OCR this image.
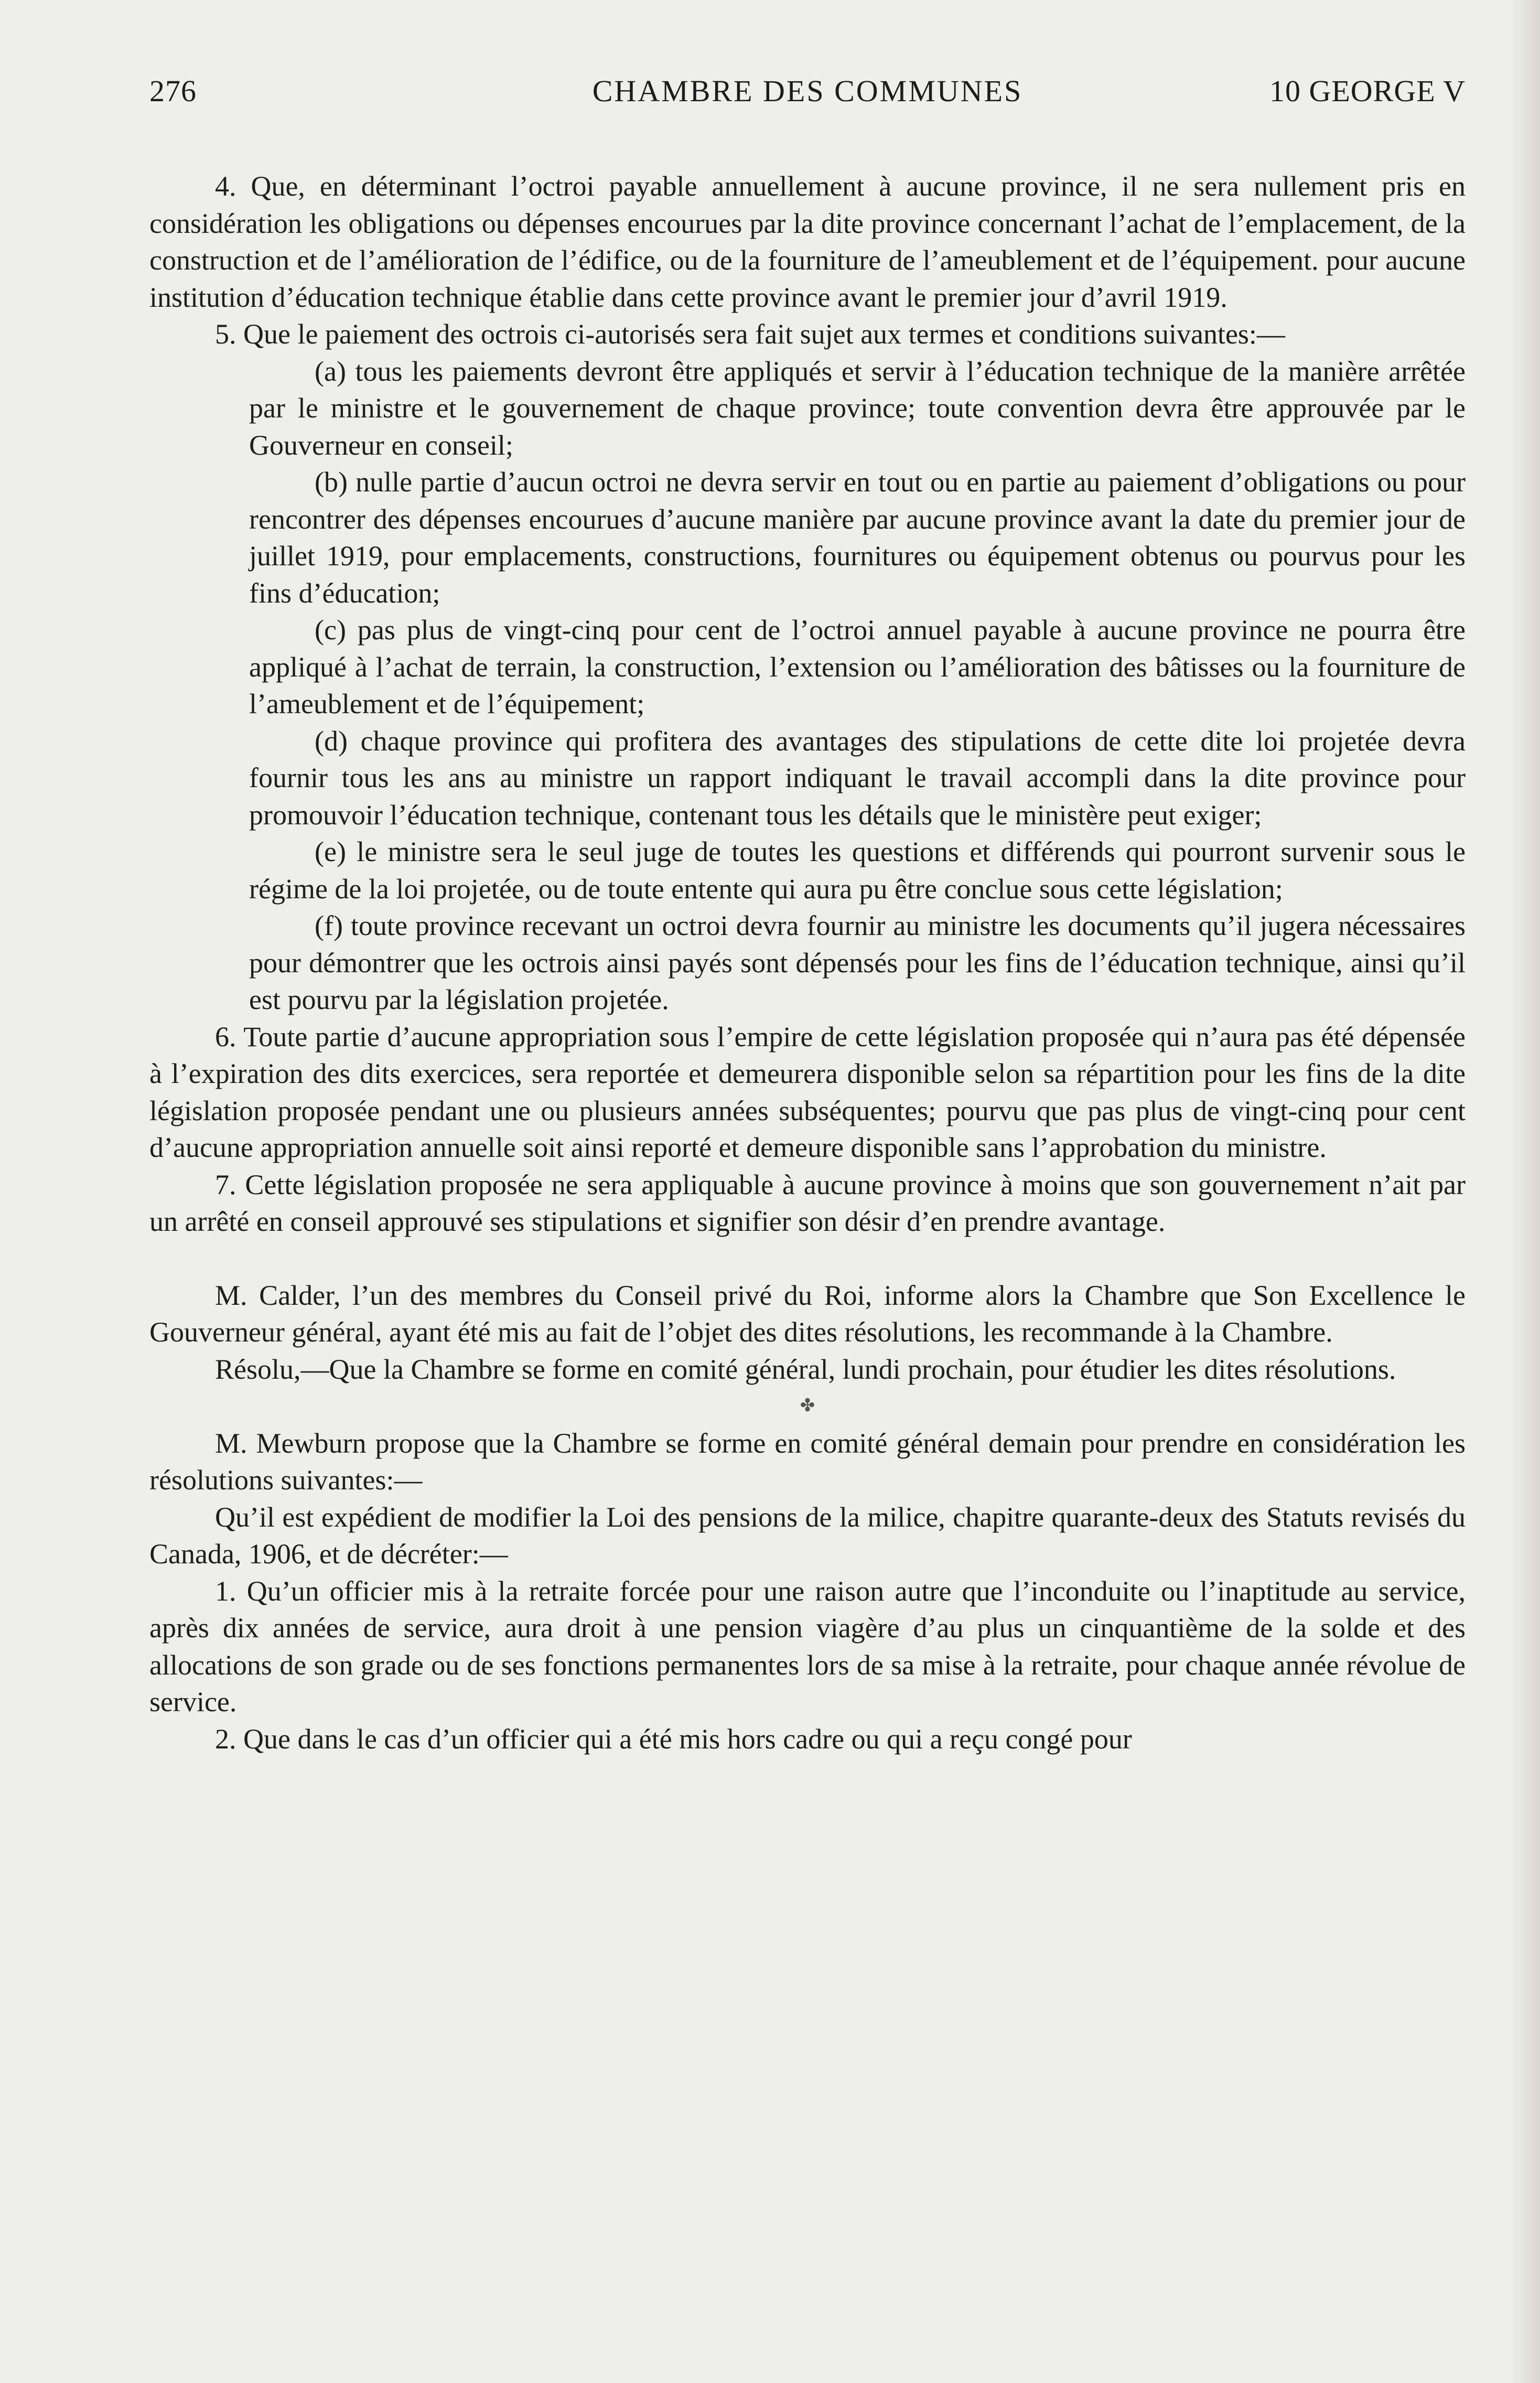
276	CHAMBRE DES COMMUNES	10 GEORGE V

4. Que, en déterminant l’octroi payable annuellement à aucune province, il ne sera nullement pris en considération les obligations ou dépenses encourues par la dite province concernant l’achat de l’emplacement, de la construction et de l’amélioration de l’édifice, ou de la fourniture de l’ameublement et de l’équipement. pour aucune institution d’éducation technique établie dans cette province avant le premier jour d’avril 1919.

5. Que le paiement des octrois ci-autorisés sera fait sujet aux termes et conditions suivantes:—

(a) tous les paiements devront être appliqués et servir à l’éducation technique de la manière arrêtée par le ministre et le gouvernement de chaque province; toute convention devra être approuvée par le Gouverneur en conseil;

(b) nulle partie d’aucun octroi ne devra servir en tout ou en partie au paiement d’obligations ou pour rencontrer des dépenses encourues d’aucune manière par aucune province avant la date du premier jour de juillet 1919, pour emplacements, constructions, fournitures ou équipement obtenus ou pourvus pour les fins d’éducation;

(c) pas plus de vingt-cinq pour cent de l’octroi annuel payable à aucune province ne pourra être appliqué à l’achat de terrain, la construction, l’extension ou l’amélioration des bâtisses ou la fourniture de l’ameublement et de l’équipement;

(d) chaque province qui profitera des avantages des stipulations de cette dite loi projetée devra fournir tous les ans au ministre un rapport indiquant le travail accompli dans la dite province pour promouvoir l’éducation technique, contenant tous les détails que le ministère peut exiger;

(e) le ministre sera le seul juge de toutes les questions et différends qui pourront survenir sous le régime de la loi projetée, ou de toute entente qui aura pu être conclue sous cette législation;

(f) toute province recevant un octroi devra fournir au ministre les documents qu’il jugera nécessaires pour démontrer que les octrois ainsi payés sont dépensés pour les fins de l’éducation technique, ainsi qu’il est pourvu par la législation projetée.

6. Toute partie d’aucune appropriation sous l’empire de cette législation proposée qui n’aura pas été dépensée à l’expiration des dits exercices, sera reportée et demeurera disponible selon sa répartition pour les fins de la dite législation proposée pendant une ou plusieurs années subséquentes; pourvu que pas plus de vingt-cinq pour cent d’aucune appropriation annuelle soit ainsi reporté et demeure disponible sans l’approbation du ministre.

7. Cette législation proposée ne sera appliquable à aucune province à moins que son gouvernement n’ait par un arrêté en conseil approuvé ses stipulations et signifier son désir d’en prendre avantage.

M. Calder, l’un des membres du Conseil privé du Roi, informe alors la Chambre que Son Excellence le Gouverneur général, ayant été mis au fait de l’objet des dites résolutions, les recommande à la Chambre.

Résolu,—Que la Chambre se forme en comité général, lundi prochain, pour étudier les dites résolutions.

✤

M. Mewburn propose que la Chambre se forme en comité général demain pour prendre en considération les résolutions suivantes:—

Qu’il est expédient de modifier la Loi des pensions de la milice, chapitre quarante-deux des Statuts revisés du Canada, 1906, et de décréter:—

1. Qu’un officier mis à la retraite forcée pour une raison autre que l’inconduite ou l’inaptitude au service, après dix années de service, aura droit à une pension viagère d’au plus un cinquantième de la solde et des allocations de son grade ou de ses fonctions permanentes lors de sa mise à la retraite, pour chaque année révolue de service.

2. Que dans le cas d’un officier qui a été mis hors cadre ou qui a reçu congé pour
